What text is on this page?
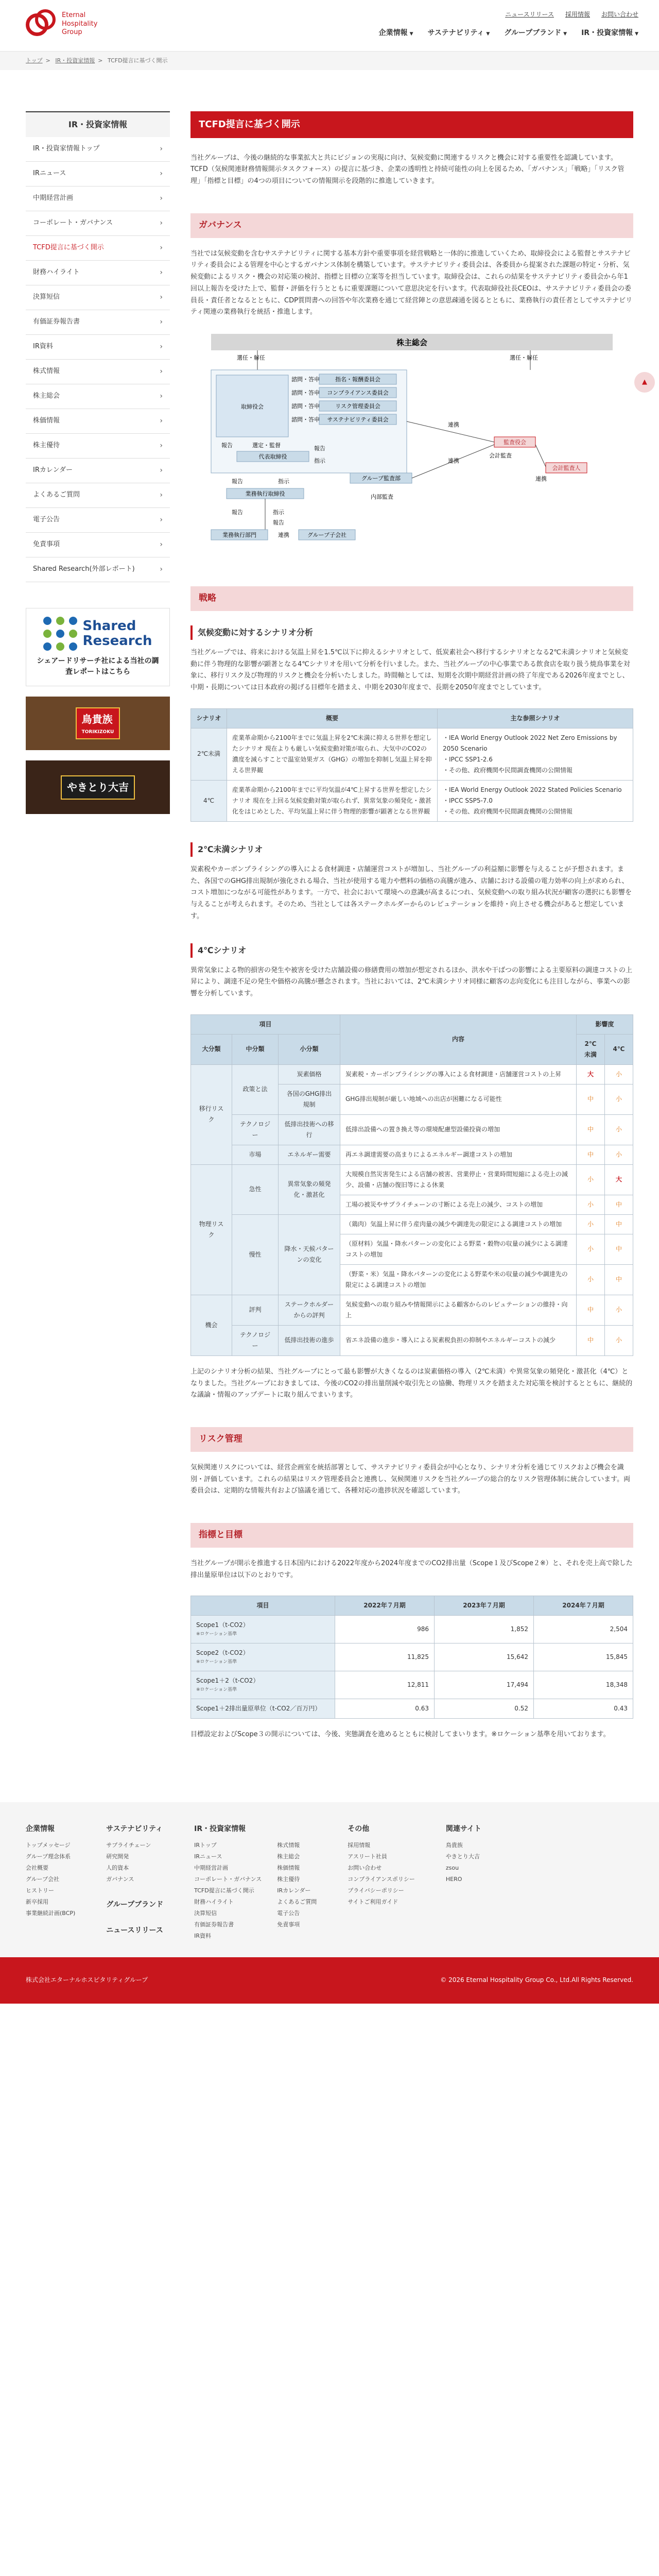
▲
Eternal
Hospitality
Group
ニュースリリース 採用情報 お問い合わせ
企業情報 ▼ サステナビリティ ▼ グループブランド ▼ IR・投資家情報 ▼
トップ > IR・投資家情報 > TCFD提言に基づく開示
IR・投資家情報
IR・投資家情報トップ	›
IRニュース	›
中期経営計画	›
コーポレート・ガバナンス	›
TCFD提言に基づく開示	›
財務ハイライト	›
決算短信	›
有価証券報告書	›
IR資料	›
株式情報	›
株主総会	›
株価情報	›
株主優待	›
IRカレンダー	›
よくあるご質問	›
電子公告	›
免責事項	›
Shared Research(外部レポート)	›
Shared
Research
シェアードリサーチ社による当社の調査レポートはこちら
鳥貴族
TORIKIZOKU
やきとり大吉
TCFD提言に基づく開示

当社グループは、今後の継続的な事業拡大と共にビジョンの実現に向け、気候変動に関連するリスクと機会に対する重要性を認識しています。TCFD（気候関連財務情報開示タスクフォース）の提言に基づき、企業の透明性と持続可能性の向上を図るため、「ガバナンス」「戦略」「リスク管理」「指標と目標」の4つの項目についての情報開示を段階的に推進していきます。

ガバナンス

当社では気候変動を含むサステナビリティに関する基本方針や重要事項を経営戦略と一体的に推進していくため、取締役会による監督とサステナビリティ委員会による管理を中心とするガバナンス体制を構築しています。サステナビリティ委員会は、各委員から提案された課題の特定・分析、気候変動によるリスク・機会の対応策の検討、指標と目標の立案等を担当しています。取締役会は、これらの結果をサステナビリティ委員会から年1回以上報告を受けた上で、監督・評価を行うとともに重要課題について意思決定を行います。代表取締役社長CEOは、サステナビリティ委員会の委員長・責任者となるとともに、CDP質問書への回答や年次業務を通じて経営陣との意思疎通を図るとともに、業務執行の責任者としてサステナビリティ関連の業務執行を統括・推進します。

株主総会
選任・解任	選任・解任
取締役会
指名・報酬委員会
コンプライアンス委員会
リスク管理委員会
サステナビリティ委員会
諮問・答申
諮問・答申
諮問・答申
諮問・答申
報告	選定・監督
代表取締役
報告
指示
業務執行取締役
報告	指示	グループ監査部
監査役会
会計監査人
連携
連携
連携
会計監査
内部監査
報告	指示
業務執行部門	グループ子会社
報告
連携
戦略
気候変動に対するシナリオ分析

当社グループでは、将来における気温上昇を1.5℃以下に抑えるシナリオとして、低炭素社会へ移行するシナリオとなる2℃未満シナリオと気候変動に伴う物理的な影響が顕著となる4℃シナリオを用いて分析を行いました。また、当社グループの中心事業である飲食店を取り扱う焼鳥事業を対象に、移行リスク及び物理的リスクと機会を分析いたしました。時間軸としては、短期を次期中期経営計画の終了年度である2026年度までとし、中期・長期については日本政府の掲げる目標年を踏まえ、中期を2030年度まで、長期を2050年度までとしています。

シナリオ	概要	主な参照シナリオ
2℃未満	産業革命期から2100年までに気温上昇を2℃未満に抑える世界を想定したシナリオ 現在よりも厳しい気候変動対策が取られ、大気中のCO2の濃度を減らすことで温室効果ガス（GHG）の増加を抑制し気温上昇を抑える世界観	・IEA World Energy Outlook 2022 Net Zero Emissions by 2050 Scenario
・IPCC SSP1-2.6
・その他、政府機関や民間調査機関の公開情報

4℃	産業革命期から2100年までに平均気温が4℃上昇する世界を想定したシナリオ 現在を上回る気候変動対策が取られず、異常気象の頻発化・激甚化をはじめとした、平均気温上昇に伴う物理的影響が顕著となる世界観	・IEA World Energy Outlook 2022 Stated Policies Scenario
・IPCC SSP5-7.0
・その他、政府機関や民間調査機関の公開情報
2℃未満シナリオ

炭素税やカーボンプライシングの導入による食材調達・店舗運営コストが増加し、当社グループの利益額に影響を与えることが予想されます。また、各国でのGHG排出規制が強化される場合、当社が使用する電力や燃料の価格の高騰が進み、店舗における設備の電力効率の向上が求められ、コスト増加につながる可能性があります。一方で、社会において環境への意識が高まるにつれ、気候変動への取り組み状況が顧客の選択にも影響を与えることが考えられます。そのため、当社としては各ステークホルダーからのレピュテーションを維持・向上させる機会があると想定しています。

4℃シナリオ

異常気象による物的損害の発生や被害を受けた店舗設備の修繕費用の増加が想定されるほか、洪水や干ばつの影響による主要原料の調達コストの上昇により、調達不足の発生や価格の高騰が懸念されます。当社においては、2℃未満シナリオ同様に顧客の志向変化にも注目しながら、事業への影響を分析しています。

項目			内容	影響度	
大分類	中分類	小分類		2℃未満	4℃
移行リスク	政策と法	炭素価格	炭素税・カーボンプライシングの導入による食材調達・店舗運営コストの上昇	大	小
		各国のGHG排出規制	GHG排出規制が厳しい地域への出店が困難になる可能性	中	小
	テクノロジー	低排出技術への移行	低排出設備への置き換え等の環境配慮型設備投資の増加	中	小
	市場	エネルギー需要	再エネ調達需要の高まりによるエネルギー調達コストの増加	中	小
物理リスク	急性	異常気象の頻発化・激甚化	大規模自然災害発生による店舗の被害、営業停止・営業時間短縮による売上の減少、設備・店舗の復旧等による休業	小	大
			工場の被災やサプライチェーンの寸断による売上の減少、コストの増加	小	中
	慢性	降水・天候パターンの変化	（鶏肉）気温上昇に伴う産肉量の減少や調達先の限定による調達コストの増加	小	中
			（原材料）気温・降水パターンの変化による野菜・穀物の収量の減少による調達コストの増加	小	中
			（野菜・米）気温・降水パターンの変化による野菜や米の収量の減少や調達先の限定による調達コストの増加	小	中
機会	評判	ステークホルダーからの評判	気候変動への取り組みや情報開示による顧客からのレピュテーションの維持・向上	中	小
	テクノロジー	低排出技術の進歩	省エネ設備の進歩・導入による炭素税負担の抑制やエネルギーコストの減少	中	小

上記のシナリオ分析の結果、当社グループにとって最も影響が大きくなるのは炭素価格の導入（2℃未満）や異常気象の頻発化・激甚化（4℃）となりました。当社グループにおきましては、今後のCO2の排出量削減や取引先との協働、物理リスクを踏まえた対応策を検討するとともに、継続的な議論・情報のアップデートに取り組んでまいります。

リスク管理

気候関連リスクについては、経営企画室を統括部署として、サステナビリティ委員会が中心となり、シナリオ分析を通じてリスクおよび機会を識別・評価しています。これらの結果はリスク管理委員会と連携し、気候関連リスクを当社グループの総合的なリスク管理体制に統合しています。両委員会は、定期的な情報共有および協議を通じて、各種対応の進捗状況を確認しています。

指標と目標

当社グループが開示を推進する日本国内における2022年度から2024年度までのCO2排出量（Scope１及びScope２※）と、それを売上高で除した排出量原単位は以下のとおりです。

項目	2022年７月期	2023年７月期	2024年７月期

Scope1（t-CO2）
※ロケーション基準	986	1,852	2,504

Scope2（t-CO2）
※ロケーション基準	11,825	15,642	15,845

Scope1＋2（t-CO2）
※ロケーション基準	12,811	17,494	18,348

Scope1＋2排出量原単位（t-CO2／百万円）	0.63	0.52	0.43

目標設定およびScope３の開示については、今後、実態調査を進めるとともに検討してまいります。※ロケーション基準を用いております。

企業情報
トップメッセージ
グループ理念体系
会社概要
グループ会社
ヒストリー
新卒採用
事業継続計画(BCP)
サステナビリティ
サプライチェーン
研究開発
人的資本
ガバナンス
グループブランド
ニュースリリース
IR・投資家情報
IRトップ
IRニュース
中期経営計画
コーポレート・ガバナンス
TCFD提言に基づく開示
財務ハイライト
決算短信
有価証券報告書
IR資料
株式情報
株主総会
株価情報
株主優待
IRカレンダー
よくあるご質問
電子公告
免責事項
その他
採用情報
アスリート社員
お問い合わせ
コンプライアンスポリシー
プライバシーポリシー
サイトご利用ガイド
関連サイト
鳥貴族
やきとり大吉
zsou
HERO
株式会社エターナルホスピタリティグループ	© 2026 Eternal Hospitality Group Co., Ltd.All Rights Reserved.
